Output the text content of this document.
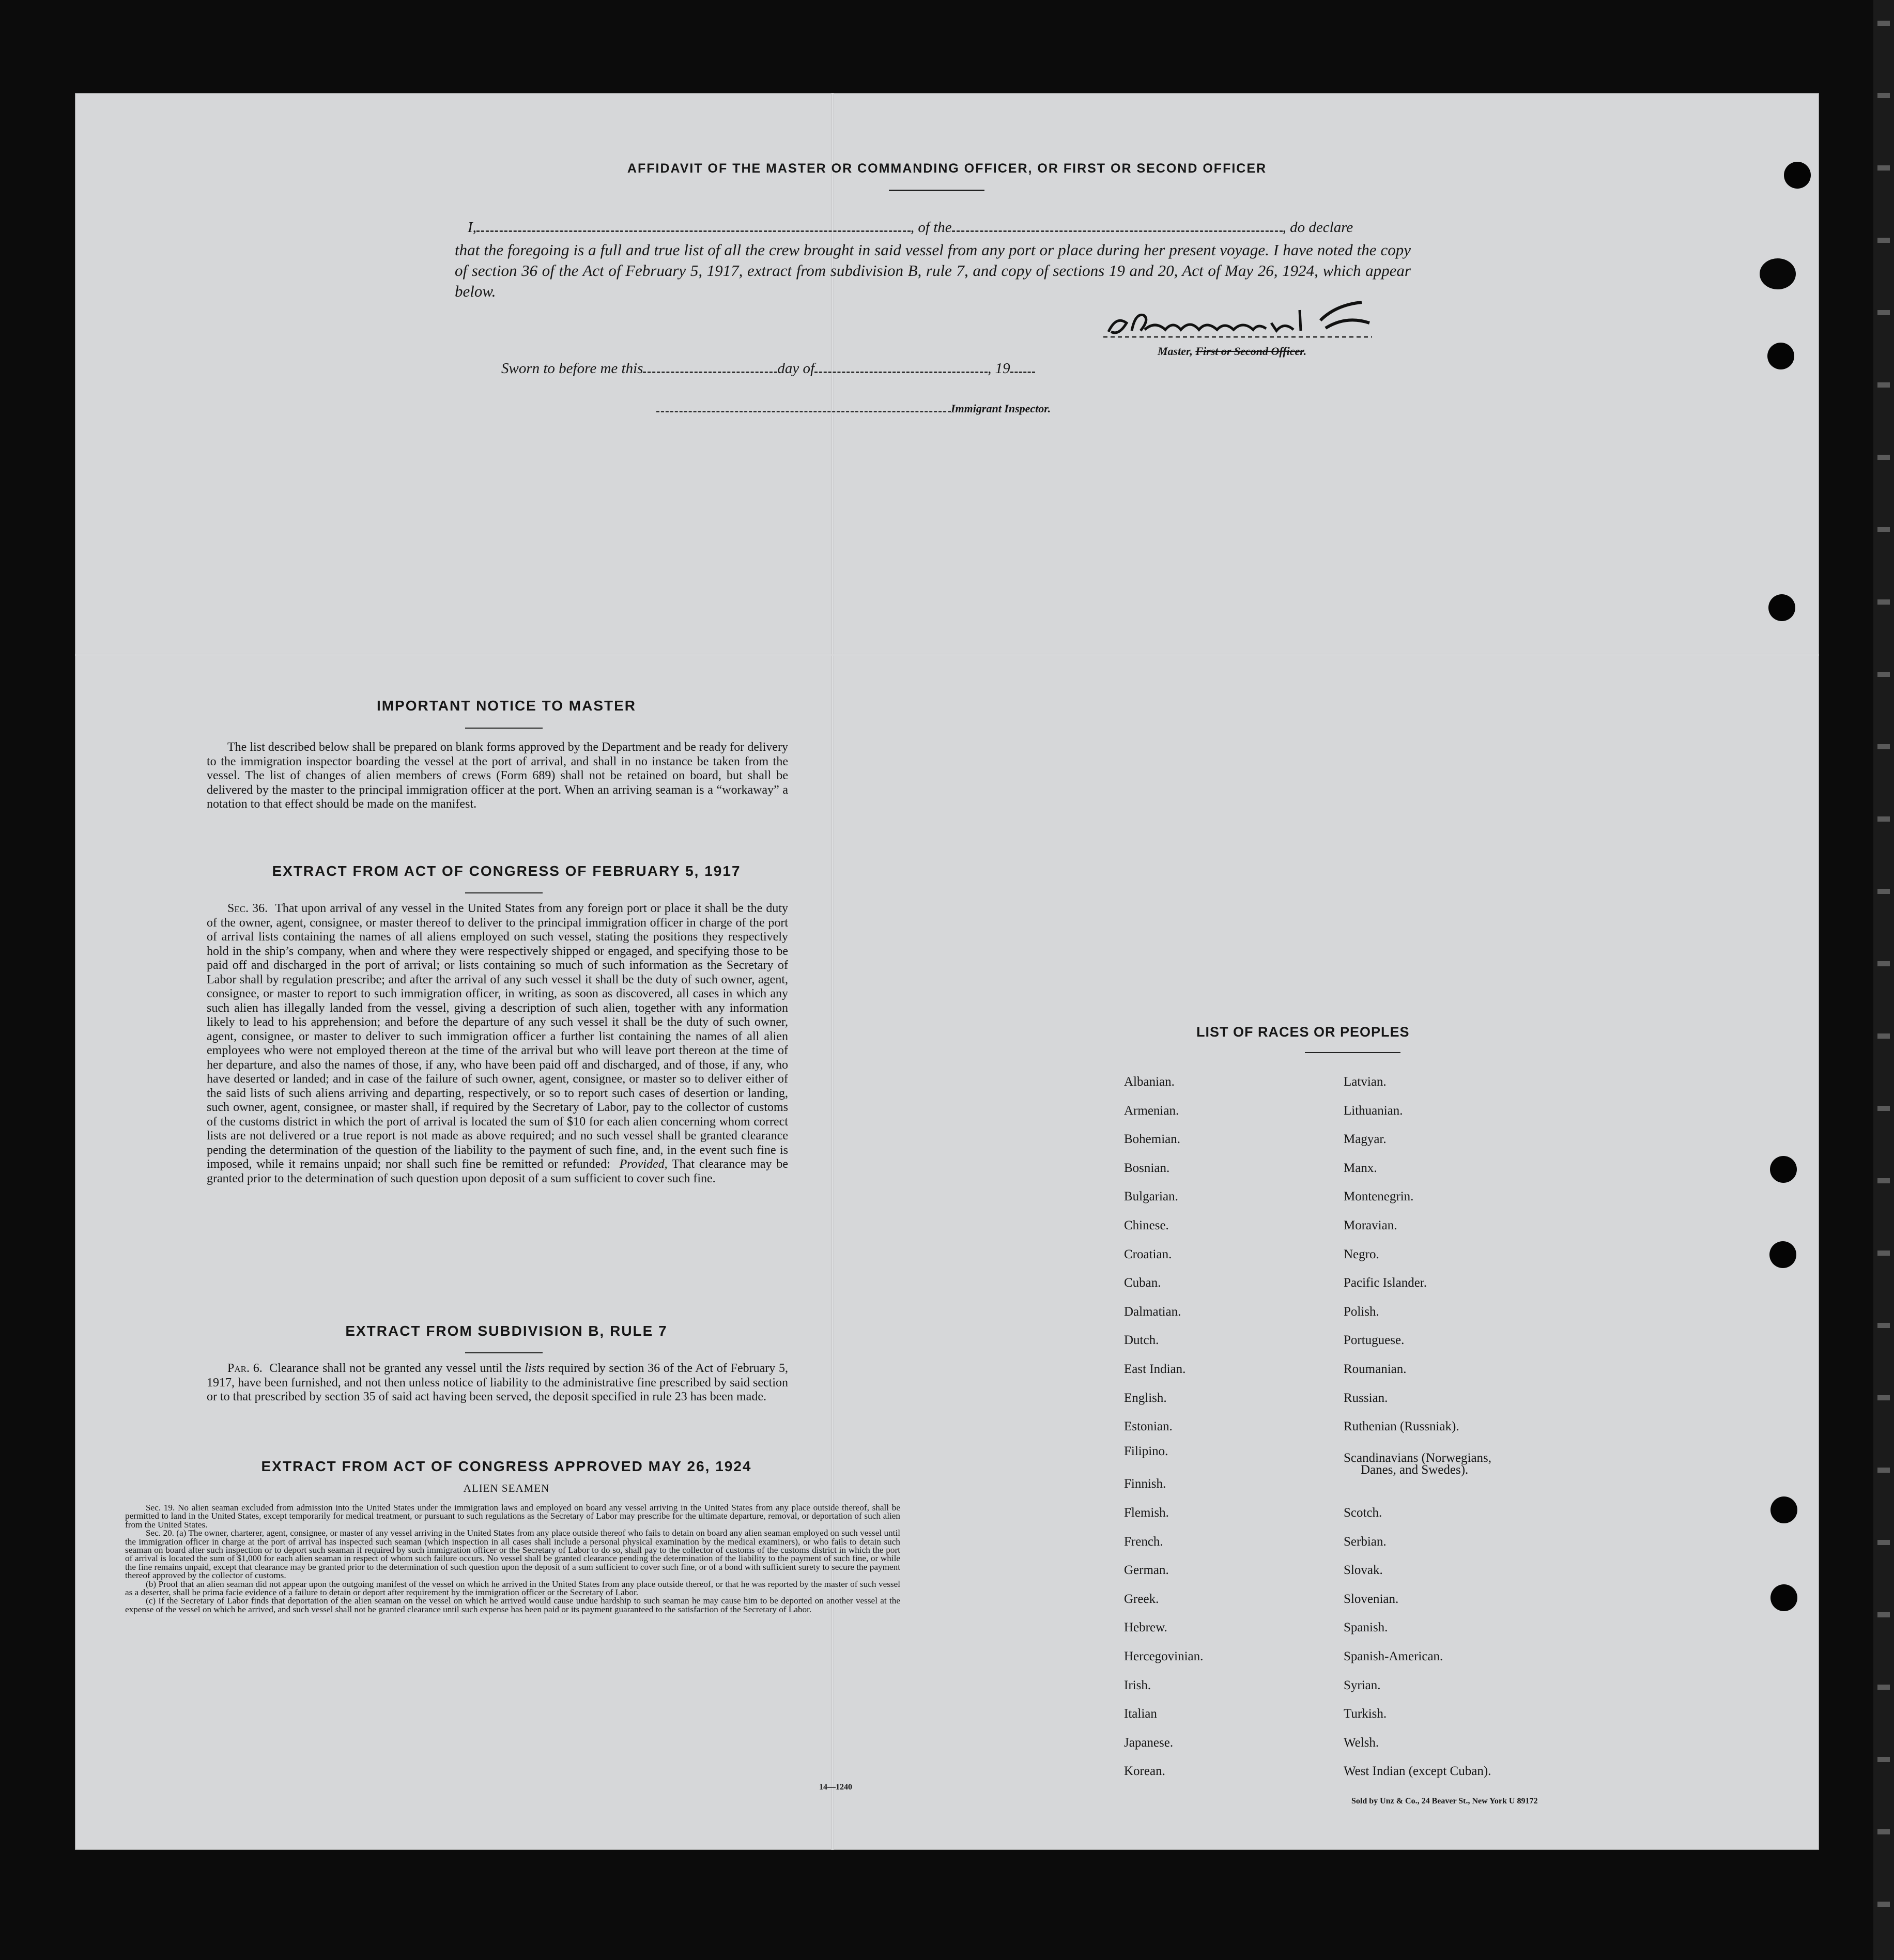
AFFIDAVIT OF THE MASTER OR COMMANDING OFFICER, OR FIRST OR SECOND OFFICER
I,	, of the	, do declare
that the foregoing is a full and true list of all the crew brought in said vessel from any port or place during her present voyage. I have noted the copy of section 36 of the Act of February 5, 1917, extract from subdivision B, rule 7, and copy of sections 19 and 20, Act of May 26, 1924, which appear below.
Master, First or Second Officer.
Sworn to before me this	day of	, 19
Immigrant Inspector.
IMPORTANT NOTICE TO MASTER
The list described below shall be prepared on blank forms approved by the Department and be ready for delivery to the immigration inspector boarding the vessel at the port of arrival, and shall in no instance be taken from the vessel. The list of changes of alien members of crews (Form 689) shall not be retained on board, but shall be delivered by the master to the principal immigration officer at the port. When an arriving seaman is a “workaway” a notation to that effect should be made on the manifest.
EXTRACT FROM ACT OF CONGRESS OF FEBRUARY 5, 1917
Sec. 36. That upon arrival of any vessel in the United States from any foreign port or place it shall be the duty of the owner, agent, consignee, or master thereof to deliver to the principal immigration officer in charge of the port of arrival lists containing the names of all aliens employed on such vessel, stating the positions they respectively hold in the ship’s company, when and where they were respectively shipped or engaged, and specifying those to be paid off and discharged in the port of arrival; or lists containing so much of such information as the Secretary of Labor shall by regulation prescribe; and after the arrival of any such vessel it shall be the duty of such owner, agent, consignee, or master to report to such immigration officer, in writing, as soon as discovered, all cases in which any such alien has illegally landed from the vessel, giving a description of such alien, together with any information likely to lead to his apprehension; and before the departure of any such vessel it shall be the duty of such owner, agent, consignee, or master to deliver to such immigration officer a further list containing the names of all alien employees who were not employed thereon at the time of the arrival but who will leave port thereon at the time of her departure, and also the names of those, if any, who have been paid off and discharged, and of those, if any, who have deserted or landed; and in case of the failure of such owner, agent, consignee, or master so to deliver either of the said lists of such aliens arriving and departing, respectively, or so to report such cases of desertion or landing, such owner, agent, consignee, or master shall, if required by the Secretary of Labor, pay to the collector of customs of the customs district in which the port of arrival is located the sum of $10 for each alien concerning whom correct lists are not delivered or a true report is not made as above required; and no such vessel shall be granted clearance pending the determination of the question of the liability to the payment of such fine, and, in the event such fine is imposed, while it remains unpaid; nor shall such fine be remitted or refunded: Provided, That clearance may be granted prior to the determination of such question upon deposit of a sum sufficient to cover such fine.
EXTRACT FROM SUBDIVISION B, RULE 7
Par. 6. Clearance shall not be granted any vessel until the lists required by section 36 of the Act of February 5, 1917, have been furnished, and not then unless notice of liability to the administrative fine prescribed by said section or to that prescribed by section 35 of said act having been served, the deposit specified in rule 23 has been made.
EXTRACT FROM ACT OF CONGRESS APPROVED MAY 26, 1924
ALIEN SEAMEN
Sec. 19. No alien seaman excluded from admission into the United States under the immigration laws and employed on board any vessel arriving in the United States from any place outside thereof, shall be permitted to land in the United States, except temporarily for medical treatment, or pursuant to such regulations as the Secretary of Labor may prescribe for the ultimate departure, removal, or deportation of such alien from the United States.
Sec. 20. (a) The owner, charterer, agent, consignee, or master of any vessel arriving in the United States from any place outside thereof who fails to detain on board any alien seaman employed on such vessel until the immigration officer in charge at the port of arrival has inspected such seaman (which inspection in all cases shall include a personal physical examination by the medical examiners), or who fails to detain such seaman on board after such inspection or to deport such seaman if required by such immigration officer or the Secretary of Labor to do so, shall pay to the collector of customs of the customs district in which the port of arrival is located the sum of $1,000 for each alien seaman in respect of whom such failure occurs. No vessel shall be granted clearance pending the determination of the liability to the payment of such fine, or while the fine remains unpaid, except that clearance may be granted prior to the determination of such question upon the deposit of a sum sufficient to cover such fine, or of a bond with sufficient surety to secure the payment thereof approved by the collector of customs.
(b) Proof that an alien seaman did not appear upon the outgoing manifest of the vessel on which he arrived in the United States from any place outside thereof, or that he was reported by the master of such vessel as a deserter, shall be prima facie evidence of a failure to detain or deport after requirement by the immigration officer or the Secretary of Labor.
(c) If the Secretary of Labor finds that deportation of the alien seaman on the vessel on which he arrived would cause undue hardship to such seaman he may cause him to be deported on another vessel at the expense of the vessel on which he arrived, and such vessel shall not be granted clearance until such expense has been paid or its payment guaranteed to the satisfaction of the Secretary of Labor.
14—1240
LIST OF RACES OR PEOPLES
Sold by Unz & Co., 24 Beaver St., New York U 89172
Albanian.
Armenian.
Bohemian.
Bosnian.
Bulgarian.
Chinese.
Croatian.
Cuban.
Dalmatian.
Dutch.
East Indian.
English.
Estonian.
Filipino.
Finnish.
Flemish.
French.
German.
Greek.
Hebrew.
Hercegovinian.
Irish.
Italian
Japanese.
Korean.
Latvian.
Lithuanian.
Magyar.
Manx.
Montenegrin.
Moravian.
Negro.
Pacific Islander.
Polish.
Portuguese.
Roumanian.
Russian.
Ruthenian (Russniak).
Scandinavians (Norwegians,
Danes, and Swedes).
Scotch.
Serbian.
Slovak.
Slovenian.
Spanish.
Spanish-American.
Syrian.
Turkish.
Welsh.
West Indian (except Cuban).
